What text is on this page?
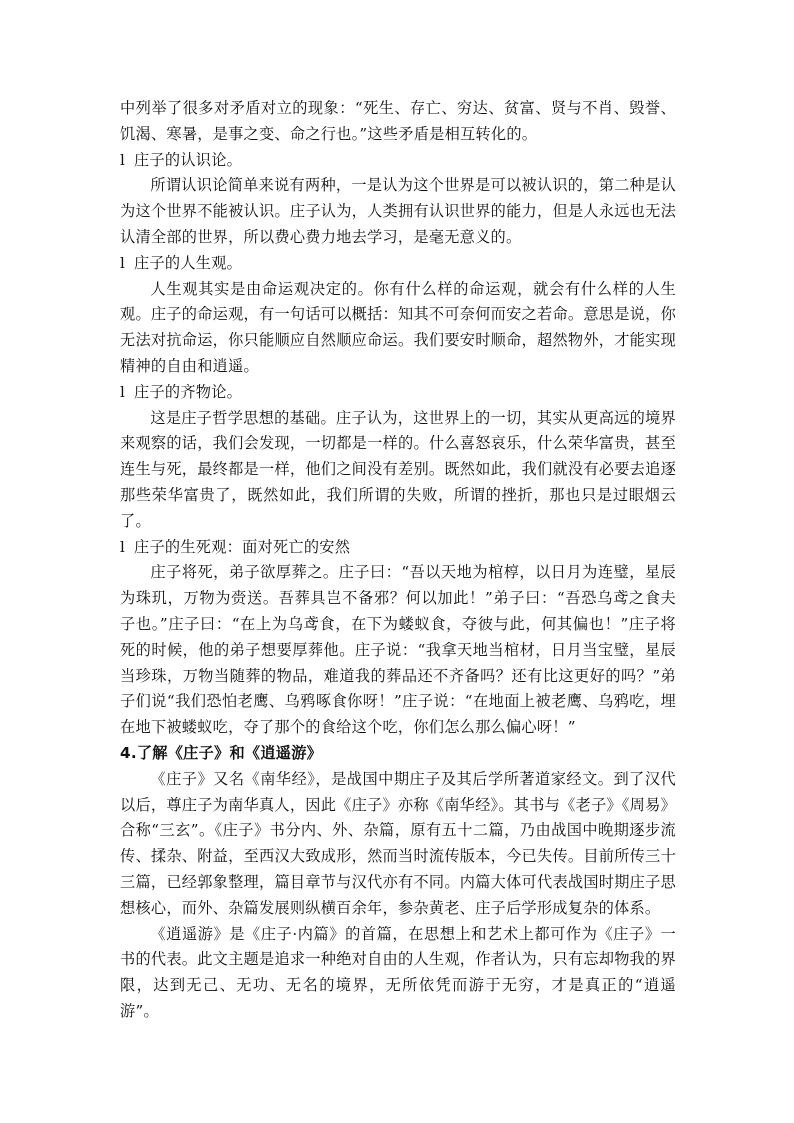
中列举了很多对矛盾对立的现象：“死生、存亡、穷达、贫富、贤与不肖、毁誉、饥渴、寒暑，是事之变、命之行也。”这些矛盾是相互转化的。

l 庄子的认识论。

所谓认识论简单来说有两种，一是认为这个世界是可以被认识的，第二种是认为这个世界不能被认识。庄子认为，人类拥有认识世界的能力，但是人永远也无法认清全部的世界，所以费心费力地去学习，是毫无意义的。

l 庄子的人生观。

人生观其实是由命运观决定的。你有什么样的命运观，就会有什么样的人生观。庄子的命运观，有一句话可以概括：知其不可奈何而安之若命。意思是说，你无法对抗命运，你只能顺应自然顺应命运。我们要安时顺命，超然物外，才能实现精神的自由和逍遥。

l 庄子的齐物论。

这是庄子哲学思想的基础。庄子认为，这世界上的一切，其实从更高远的境界来观察的话，我们会发现，一切都是一样的。什么喜怒哀乐，什么荣华富贵，甚至连生与死，最终都是一样，他们之间没有差别。既然如此，我们就没有必要去追逐那些荣华富贵了，既然如此，我们所谓的失败，所谓的挫折，那也只是过眼烟云了。

l 庄子的生死观：面对死亡的安然

庄子将死，弟子欲厚葬之。庄子曰：“吾以天地为棺椁，以日月为连璧，星辰为珠玑，万物为赍送。吾葬具岂不备邪？何以加此！”弟子曰：“吾恐乌鸢之食夫子也。”庄子曰：“在上为乌鸢食，在下为蝼蚁食，夺彼与此，何其偏也！”庄子将死的时候，他的弟子想要厚葬他。庄子说：“我拿天地当棺材，日月当宝璧，星辰当珍珠，万物当随葬的物品，难道我的葬品还不齐备吗？还有比这更好的吗？”弟子们说“我们恐怕老鹰、乌鸦啄食你呀！”庄子说：“在地面上被老鹰、乌鸦吃，埋在地下被蝼蚁吃，夺了那个的食给这个吃，你们怎么那么偏心呀！”

4.了解《庄子》和《逍遥游》

《庄子》又名《南华经》，是战国中期庄子及其后学所著道家经文。到了汉代以后，尊庄子为南华真人，因此《庄子》亦称《南华经》。其书与《老子》《周易》合称“三玄”。《庄子》书分内、外、杂篇，原有五十二篇，乃由战国中晚期逐步流传、揉杂、附益，至西汉大致成形，然而当时流传版本，今已失传。目前所传三十三篇，已经郭象整理，篇目章节与汉代亦有不同。内篇大体可代表战国时期庄子思想核心，而外、杂篇发展则纵横百余年，参杂黄老、庄子后学形成复杂的体系。

《逍遥游》是《庄子·内篇》的首篇，在思想上和艺术上都可作为《庄子》一书的代表。此文主题是追求一种绝对自由的人生观，作者认为，只有忘却物我的界限，达到无己、无功、无名的境界，无所依凭而游于无穷，才是真正的“逍遥游”。
